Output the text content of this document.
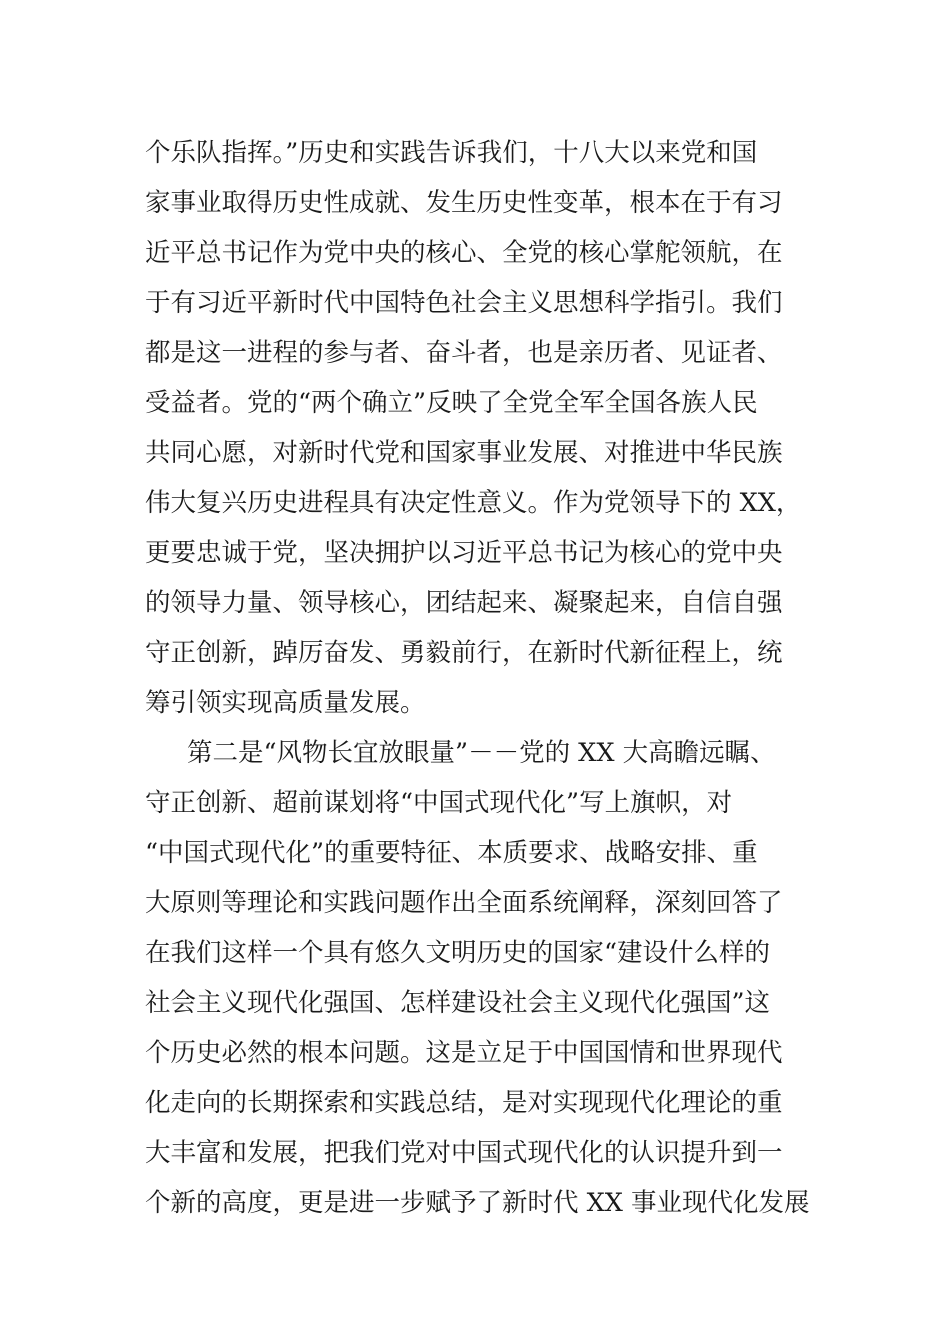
个乐队指挥。”历史和实践告诉我们，十八大以来党和国
家事业取得历史性成就、发生历史性变革，根本在于有习
近平总书记作为党中央的核心、全党的核心掌舵领航，在
于有习近平新时代中国特色社会主义思想科学指引。我们
都是这一进程的参与者、奋斗者，也是亲历者、见证者、
受益者。党的“两个确立”反映了全党全军全国各族人民
共同心愿，对新时代党和国家事业发展、对推进中华民族
伟大复兴历史进程具有决定性意义。作为党领导下的 XX，
更要忠诚于党，坚决拥护以习近平总书记为核心的党中央
的领导力量、领导核心，团结起来、凝聚起来，自信自强
守正创新，踔厉奋发、勇毅前行，在新时代新征程上，统
筹引领实现高质量发展。
第二是“风物长宜放眼量”－－党的 XX 大高瞻远瞩、
守正创新、超前谋划将“中国式现代化”写上旗帜，对
“中国式现代化”的重要特征、本质要求、战略安排、重
大原则等理论和实践问题作出全面系统阐释，深刻回答了
在我们这样一个具有悠久文明历史的国家“建设什么样的
社会主义现代化强国、怎样建设社会主义现代化强国”这
个历史必然的根本问题。这是立足于中国国情和世界现代
化走向的长期探索和实践总结，是对实现现代化理论的重
大丰富和发展，把我们党对中国式现代化的认识提升到一
个新的高度，更是进一步赋予了新时代 XX 事业现代化发展
